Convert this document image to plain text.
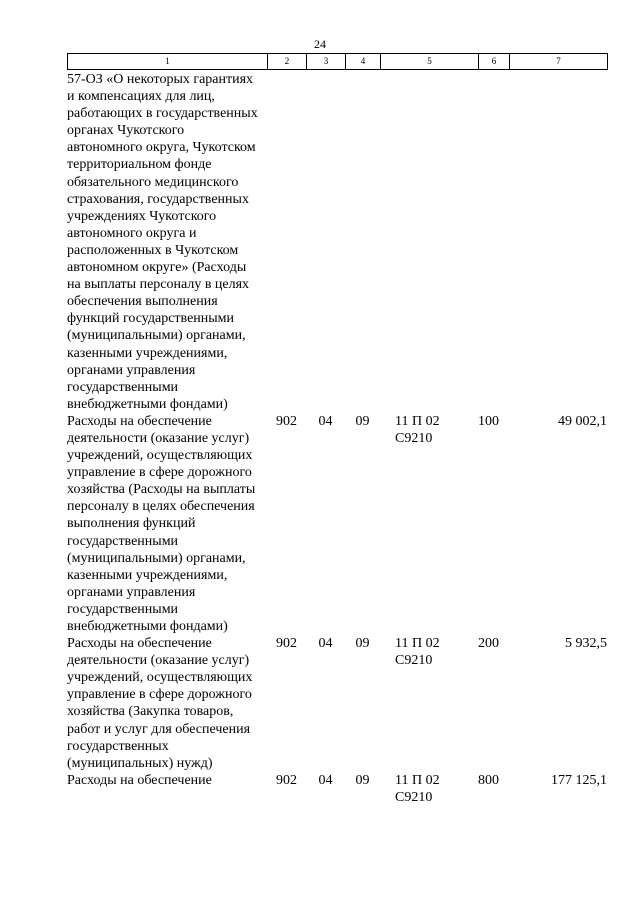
24
1	2	3	4	5	6	7
57-ОЗ «О некоторых гарантиях и компенсациях для лиц, работающих в государственных органах Чукотского автономного округа, Чукотском территориальном фонде обязательного медицинского страхования, государственных учреждениях Чукотского автономного округа и расположенных в Чукотском автономном округе» (Расходы на выплаты персоналу в целях обеспечения выполнения функций государственными (муниципальными) органами, казенными учреждениями, органами управления государственными внебюджетными фондами)						
Расходы на обеспечение деятельности (оказание услуг) учреждений, осуществляющих управление в сфере дорожного хозяйства (Расходы на выплаты персоналу в целях обеспечения выполнения функций государственными (муниципальными) органами, казенными учреждениями, органами управления государственными внебюджетными фондами)	902	04	09	11 П 02 С9210	100	49 002,1
Расходы на обеспечение деятельности (оказание услуг) учреждений, осуществляющих управление в сфере дорожного хозяйства (Закупка товаров, работ и услуг для обеспечения государственных (муниципальных) нужд)	902	04	09	11 П 02 С9210	200	5 932,5
Расходы на обеспечение	902	04	09	11 П 02 С9210	800	177 125,1
